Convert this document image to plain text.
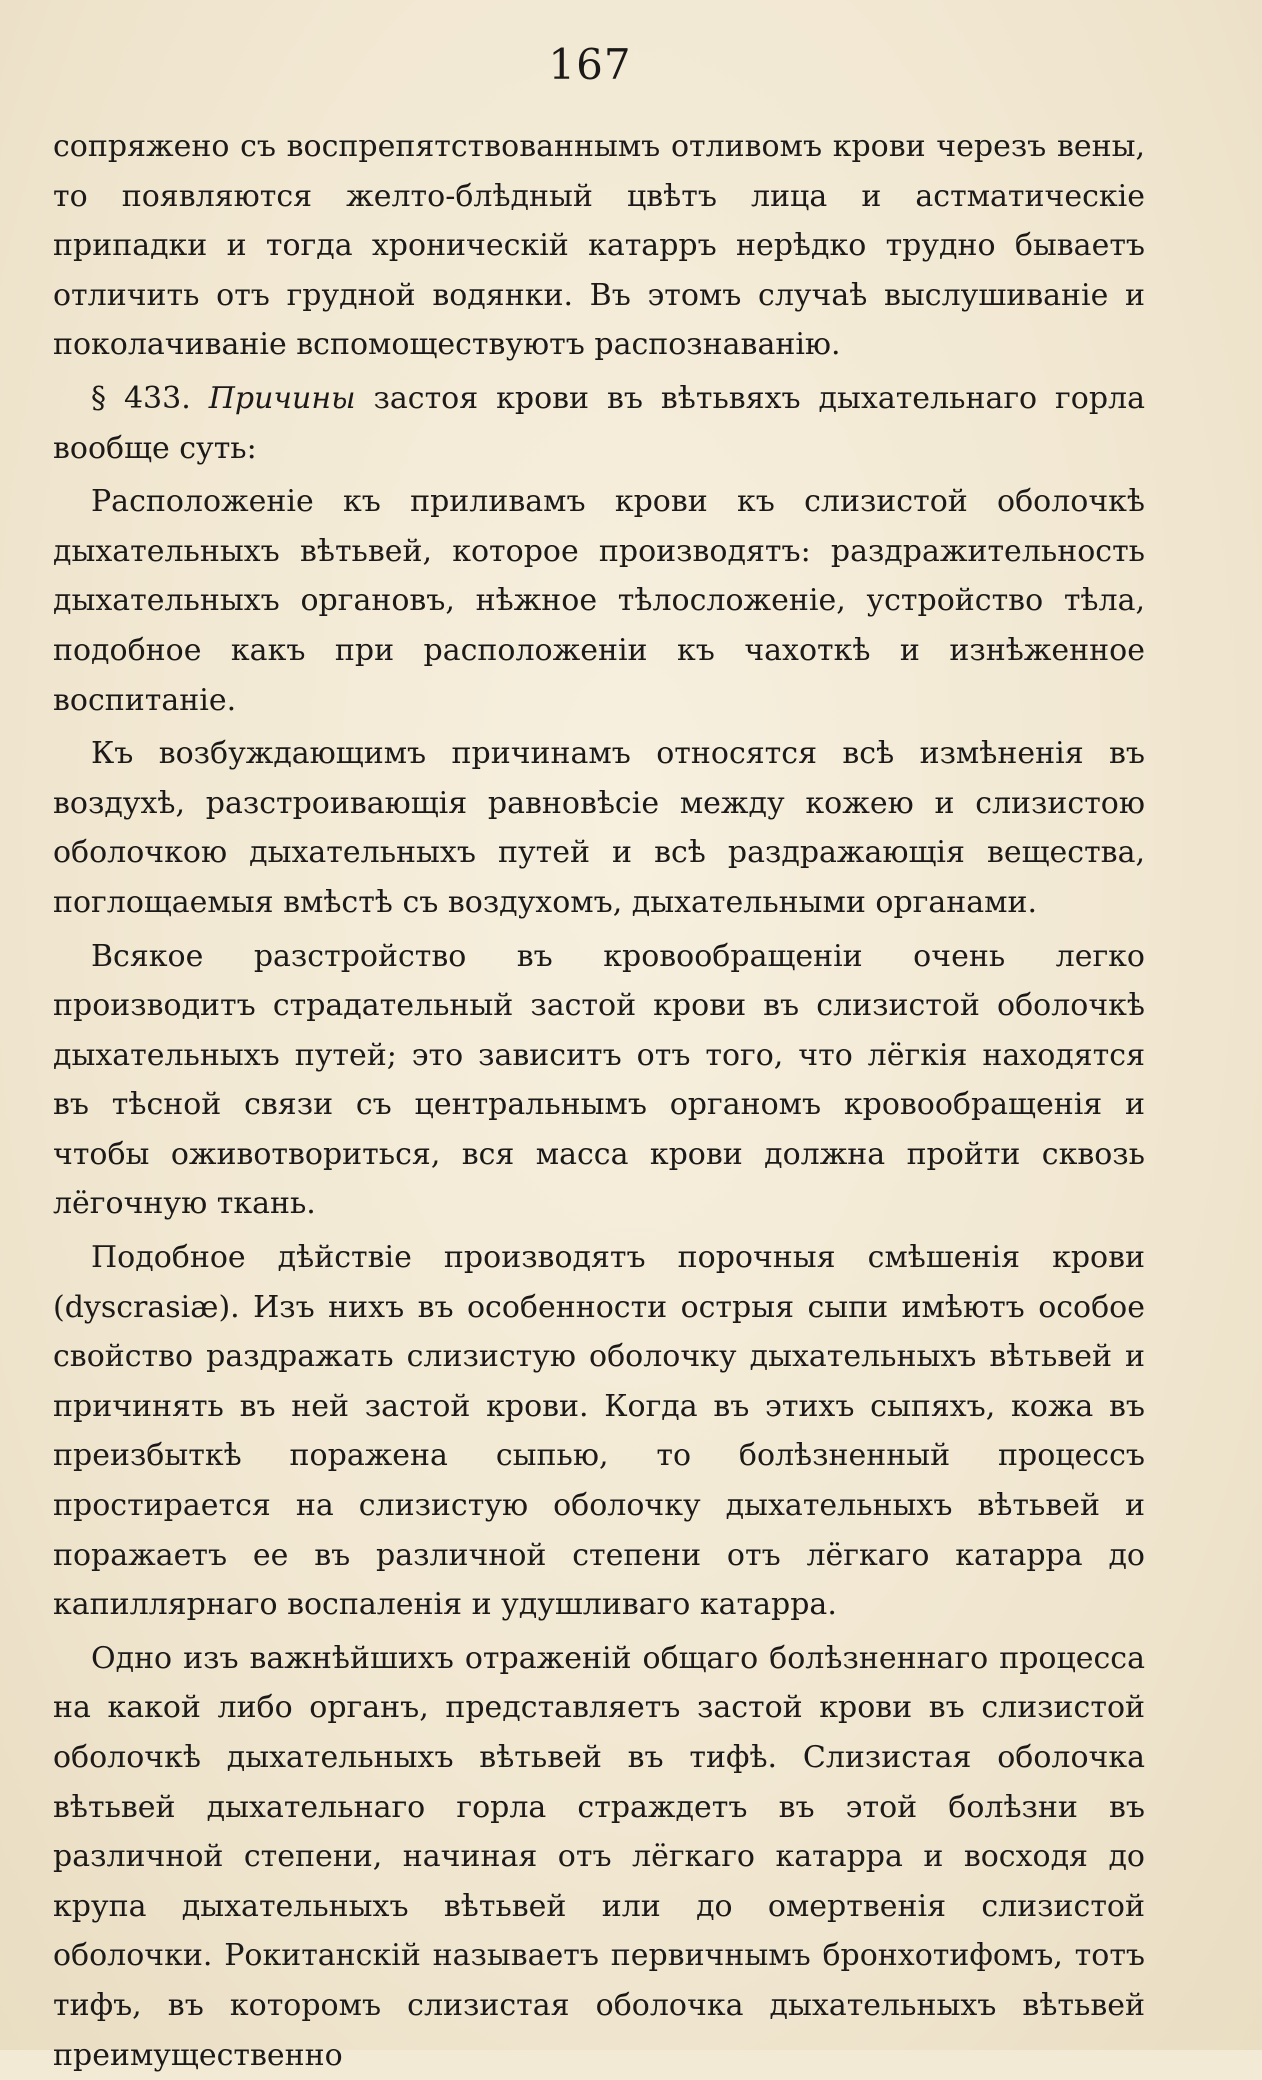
167

сопряжено съ воспрепятствованнымъ отливомъ крови черезъ вены, то появляются желто-блѣдный цвѣтъ лица и астматическіе припадки и тогда хроническій катарръ нерѣдко трудно бываетъ отличить отъ грудной водянки. Въ этомъ случаѣ выслушиваніе и поколачиваніе вспомоществуютъ распознаванію.

§ 433. Причины застоя крови въ вѣтьвяхъ дыхательнаго горла вообще суть:

Расположеніе къ приливамъ крови къ слизистой оболочкѣ дыхательныхъ вѣтьвей, которое производятъ: раздражительность дыхательныхъ органовъ, нѣжное тѣлосложеніе, устройство тѣла, подобное какъ при расположеніи къ чахоткѣ и изнѣженное воспитаніе.

Къ возбуждающимъ причинамъ относятся всѣ измѣненія въ воздухѣ, разстроивающія равновѣсіе между кожею и слизистою оболочкою дыхательныхъ путей и всѣ раздражающія вещества, поглощаемыя вмѣстѣ съ воздухомъ, дыхательными органами.

Всякое разстройство въ кровообращеніи очень легко производитъ страдательный застой крови въ слизистой оболочкѣ дыхательныхъ путей; это зависитъ отъ того, что лёгкія находятся въ тѣсной связи съ центральнымъ органомъ кровообращенія и чтобы оживотвориться, вся масса крови должна пройти сквозь лёгочную ткань.

Подобное дѣйствіе производятъ порочныя смѣшенія крови (dyscrasiæ). Изъ нихъ въ особенности острыя сыпи имѣютъ особое свойство раздражать слизистую оболочку дыхательныхъ вѣтьвей и причинять въ ней застой крови. Когда въ этихъ сыпяхъ, кожа въ преизбыткѣ поражена сыпью, то болѣзненный процессъ простирается на слизистую оболочку дыхательныхъ вѣтьвей и поражаетъ ее въ различной степени отъ лёгкаго катарра до капиллярнаго воспаленія и удушливаго катарра.

Одно изъ важнѣйшихъ отраженій общаго болѣзненнаго процесса на какой либо органъ, представляетъ застой крови въ слизистой оболочкѣ дыхательныхъ вѣтьвей въ тифѣ. Слизистая оболочка вѣтьвей дыхательнаго горла страждетъ въ этой болѣзни въ различной степени, начиная отъ лёгкаго катарра и восходя до крупа дыхательныхъ вѣтьвей или до омертвенія слизистой оболочки. Рокитанскій называетъ первичнымъ бронхотифомъ, тотъ тифъ, въ которомъ слизистая оболочка дыхательныхъ вѣтьвей преимущественно
